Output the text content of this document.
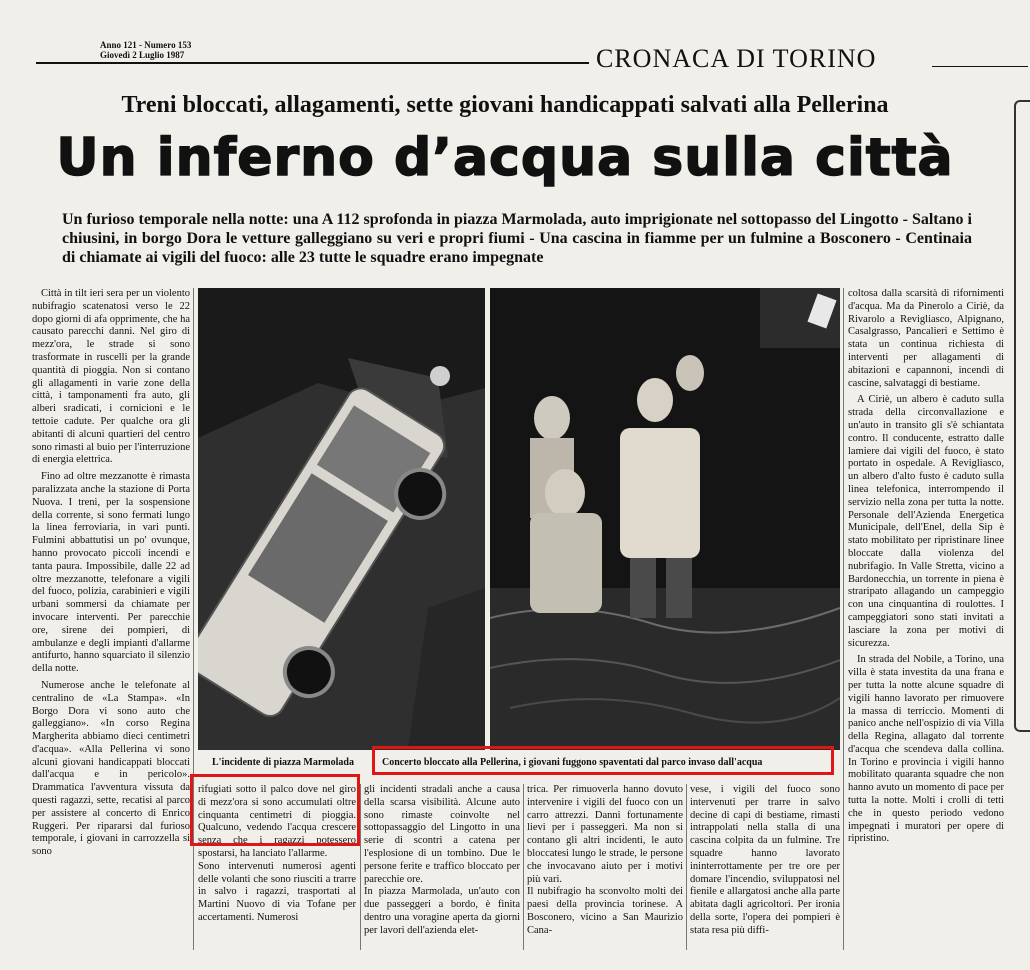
Anno 121 - Numero 153
Giovedì 2 Luglio 1987	CRONACA DI TORINO
Treni bloccati, allagamenti, sette giovani handicappati salvati alla Pellerina
Un inferno d’acqua sulla città
Un furioso temporale nella notte: una A 112 sprofonda in piazza Marmolada, auto imprigionate nel sottopasso del Lingotto - Saltano i chiusini, in borgo Dora le vetture galleggiano su veri e propri fiumi - Una cascina in fiamme per un fulmine a Bosconero - Centinaia di chiamate ai vigili del fuoco: alle 23 tutte le squadre erano impegnate

Città in tilt ieri sera per un violento nubifragio scatenatosi verso le 22 dopo giorni di afa opprimente, che ha causato parecchi danni. Nel giro di mezz'ora, le strade si sono trasformate in ruscelli per la grande quantità di pioggia. Non si contano gli allagamenti in varie zone della città, i tamponamenti fra auto, gli alberi sradicati, i cornicioni e le tettoie cadute. Per qualche ora gli abitanti di alcuni quartieri del centro sono rimasti al buio per l'interruzione di energia elettrica.

Fino ad oltre mezzanotte è rimasta paralizzata anche la stazione di Porta Nuova. I treni, per la sospensione della corrente, si sono fermati lungo la linea ferroviaria, in vari punti. Fulmini abbattutisi un po' ovunque, hanno provocato piccoli incendi e tanta paura. Impossibile, dalle 22 ad oltre mezzanotte, telefonare a vigili del fuoco, polizia, carabinieri e vigili urbani sommersi da chiamate per invocare interventi. Per parecchie ore, sirene dei pompieri, di ambulanze e degli impianti d'allarme antifurto, hanno squarciato il silenzio della notte.

Numerose anche le telefonate al centralino de «La Stampa». «In Borgo Dora vi sono auto che galleggiano». «In corso Regina Margherita abbiamo dieci centimetri d'acqua». «Alla Pellerina vi sono alcuni giovani handicappati bloccati dall'acqua e in pericolo». Drammatica l'avventura vissuta da questi ragazzi, sette, recatisi al parco per assistere al concerto di Enrico Ruggeri. Per ripararsi dal furioso temporale, i giovani in carrozzella si sono

L'incidente di piazza Marmolada	Concerto bloccato alla Pellerina, i giovani fuggono spaventati dal parco invaso dall'acqua
rifugiati sotto il palco dove nel giro di mezz'ora si sono accumulati oltre cinquanta centimetri di pioggia. Qualcuno, vedendo l'acqua crescere senza che i ragazzi potessero spostarsi, ha lanciato l'allarme.
Sono intervenuti numerosi agenti delle volanti che sono riusciti a trarre in salvo i ragazzi, trasportati al Martini Nuovo di via Tofane per accertamenti. Numerosi
gli incidenti stradali anche a causa della scarsa visibilità. Alcune auto sono rimaste coinvolte nel sottopassaggio del Lingotto in una serie di scontri a catena per l'esplosione di un tombino. Due le persone ferite e traffico bloccato per parecchie ore.
In piazza Marmolada, un'auto con due passeggeri a bordo, è finita dentro una voragine aperta da giorni per lavori dell'azienda elet-
trica. Per rimuoverla hanno dovuto intervenire i vigili del fuoco con un carro attrezzi. Danni fortunamente lievi per i passeggeri. Ma non si contano gli altri incidenti, le auto bloccatesi lungo le strade, le persone che invocavano aiuto per i motivi più vari.
Il nubifragio ha sconvolto molti dei paesi della provincia torinese. A Bosconero, vicino a San Maurizio Cana-
vese, i vigili del fuoco sono intervenuti per trarre in salvo decine di capi di bestiame, rimasti intrappolati nella stalla di una cascina colpita da un fulmine. Tre squadre hanno lavorato ininterrottamente per tre ore per domare l'incendio, sviluppatosi nel fienile e allargatosi anche alla parte abitata dagli agricoltori. Per ironia della sorte, l'opera dei pompieri è stata resa più diffi-

coltosa dalla scarsità di rifornimenti d'acqua. Ma da Pinerolo a Ciriè, da Rivarolo a Revigliasco, Alpignano, Casalgrasso, Pancalieri e Settimo è stata un continua richiesta di interventi per allagamenti di abitazioni e capannoni, incendi di cascine, salvataggi di bestiame.

A Ciriè, un albero è caduto sulla strada della circonvallazione e un'auto in transito gli s'è schiantata contro. Il conducente, estratto dalle lamiere dai vigili del fuoco, è stato portato in ospedale. A Revigliasco, un albero d'alto fusto è caduto sulla linea telefonica, interrompendo il servizio nella zona per tutta la notte. Personale dell'Azienda Energetica Municipale, dell'Enel, della Sip è stato mobilitato per ripristinare linee bloccate dalla violenza del nubrifagio. In Valle Stretta, vicino a Bardonecchia, un torrente in piena è straripato allagando un campeggio con una cinquantina di roulottes. I campeggiatori sono stati invitati a lasciare la zona per motivi di sicurezza.

In strada del Nobile, a Torino, una villa è stata investita da una frana e per tutta la notte alcune squadre di vigili hanno lavorato per rimuovere la massa di terriccio. Momenti di panico anche nell'ospizio di via Villa della Regina, allagato dal torrente d'acqua che scendeva dalla collina. In Torino e provincia i vigili hanno mobilitato quaranta squadre che non hanno avuto un momento di pace per tutta la notte. Molti i crolli di tetti che in questo periodo vedono impegnati i muratori per opere di ripristino.
